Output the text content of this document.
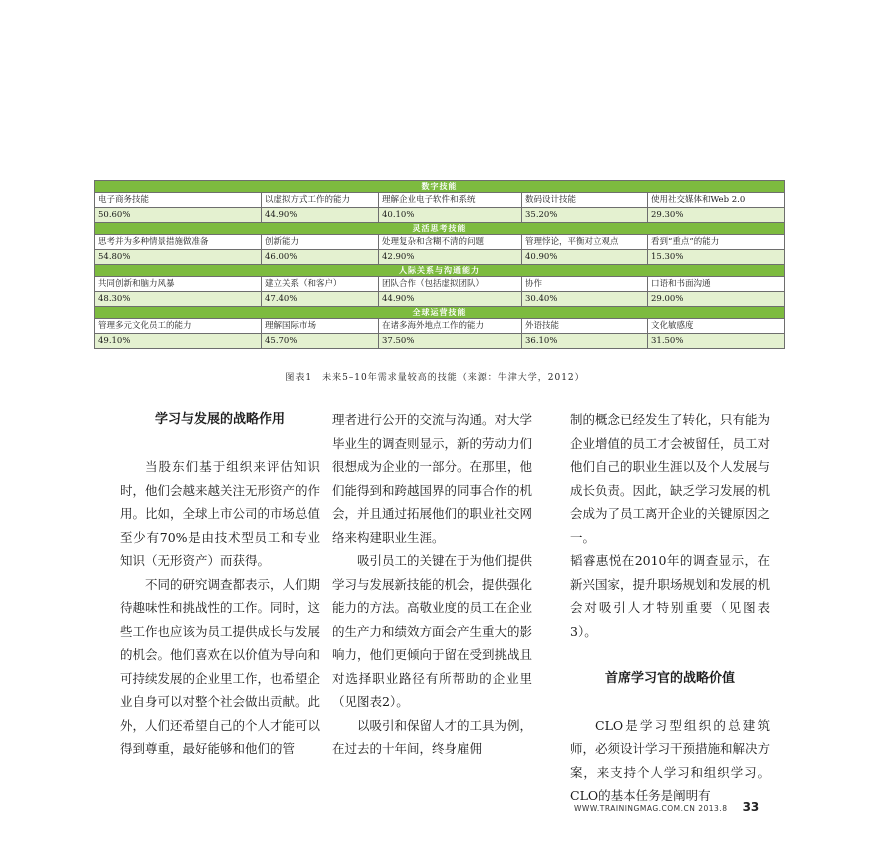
数字技能				
电子商务技能	以虚拟方式工作的能力	理解企业电子软件和系统	数码设计技能	使用社交媒体和Web 2.0
50.60%	44.90%	40.10%	35.20%	29.30%
灵活思考技能				
思考并为多种情景措施做准备	创新能力	处理复杂和含糊不清的问题	管理悖论，平衡对立观点	看到“重点”的能力
54.80%	46.00%	42.90%	40.90%	15.30%
人际关系与沟通能力				
共同创新和脑力风暴	建立关系（和客户）	团队合作（包括虚拟团队）	协作	口语和书面沟通
48.30%	47.40%	44.90%	30.40%	29.00%
全球运营技能				
管理多元文化员工的能力	理解国际市场	在诸多海外地点工作的能力	外语技能	文化敏感度
49.10%	45.70%	37.50%	36.10%	31.50%
图表1　未来5–10年需求量较高的技能（来源：牛津大学，2012）
学习与发展的战略作用

当股东们基于组织来评估知识时，他们会越来越关注无形资产的作用。比如，全球上市公司的市场总值至少有70%是由技术型员工和专业知识（无形资产）而获得。

不同的研究调查都表示，人们期待趣味性和挑战性的工作。同时，这些工作也应该为员工提供成长与发展的机会。他们喜欢在以价值为导向和可持续发展的企业里工作，也希望企业自身可以对整个社会做出贡献。此外，人们还希望自己的个人才能可以得到尊重，最好能够和他们的管

理者进行公开的交流与沟通。对大学毕业生的调查则显示，新的劳动力们很想成为企业的一部分。在那里，他们能得到和跨越国界的同事合作的机会，并且通过拓展他们的职业社交网络来构建职业生涯。

吸引员工的关键在于为他们提供学习与发展新技能的机会，提供强化能力的方法。高敬业度的员工在企业的生产力和绩效方面会产生重大的影响力，他们更倾向于留在受到挑战且对选择职业路径有所帮助的企业里（见图表2）。

以吸引和保留人才的工具为例，在过去的十年间，终身雇佣

制的概念已经发生了转化，只有能为企业增值的员工才会被留任，员工对他们自己的职业生涯以及个人发展与成长负责。因此，缺乏学习发展的机会成为了员工离开企业的关键原因之一。

韬睿惠悦在2010年的调查显示，在新兴国家，提升职场规划和发展的机会对吸引人才特别重要（见图表3）。

首席学习官的战略价值

CLO是学习型组织的总建筑师，必须设计学习干预措施和解决方案，来支持个人学习和组织学习。CLO的基本任务是阐明有

WWW.TRAININGMAG.COM.CN 2013.8 33
